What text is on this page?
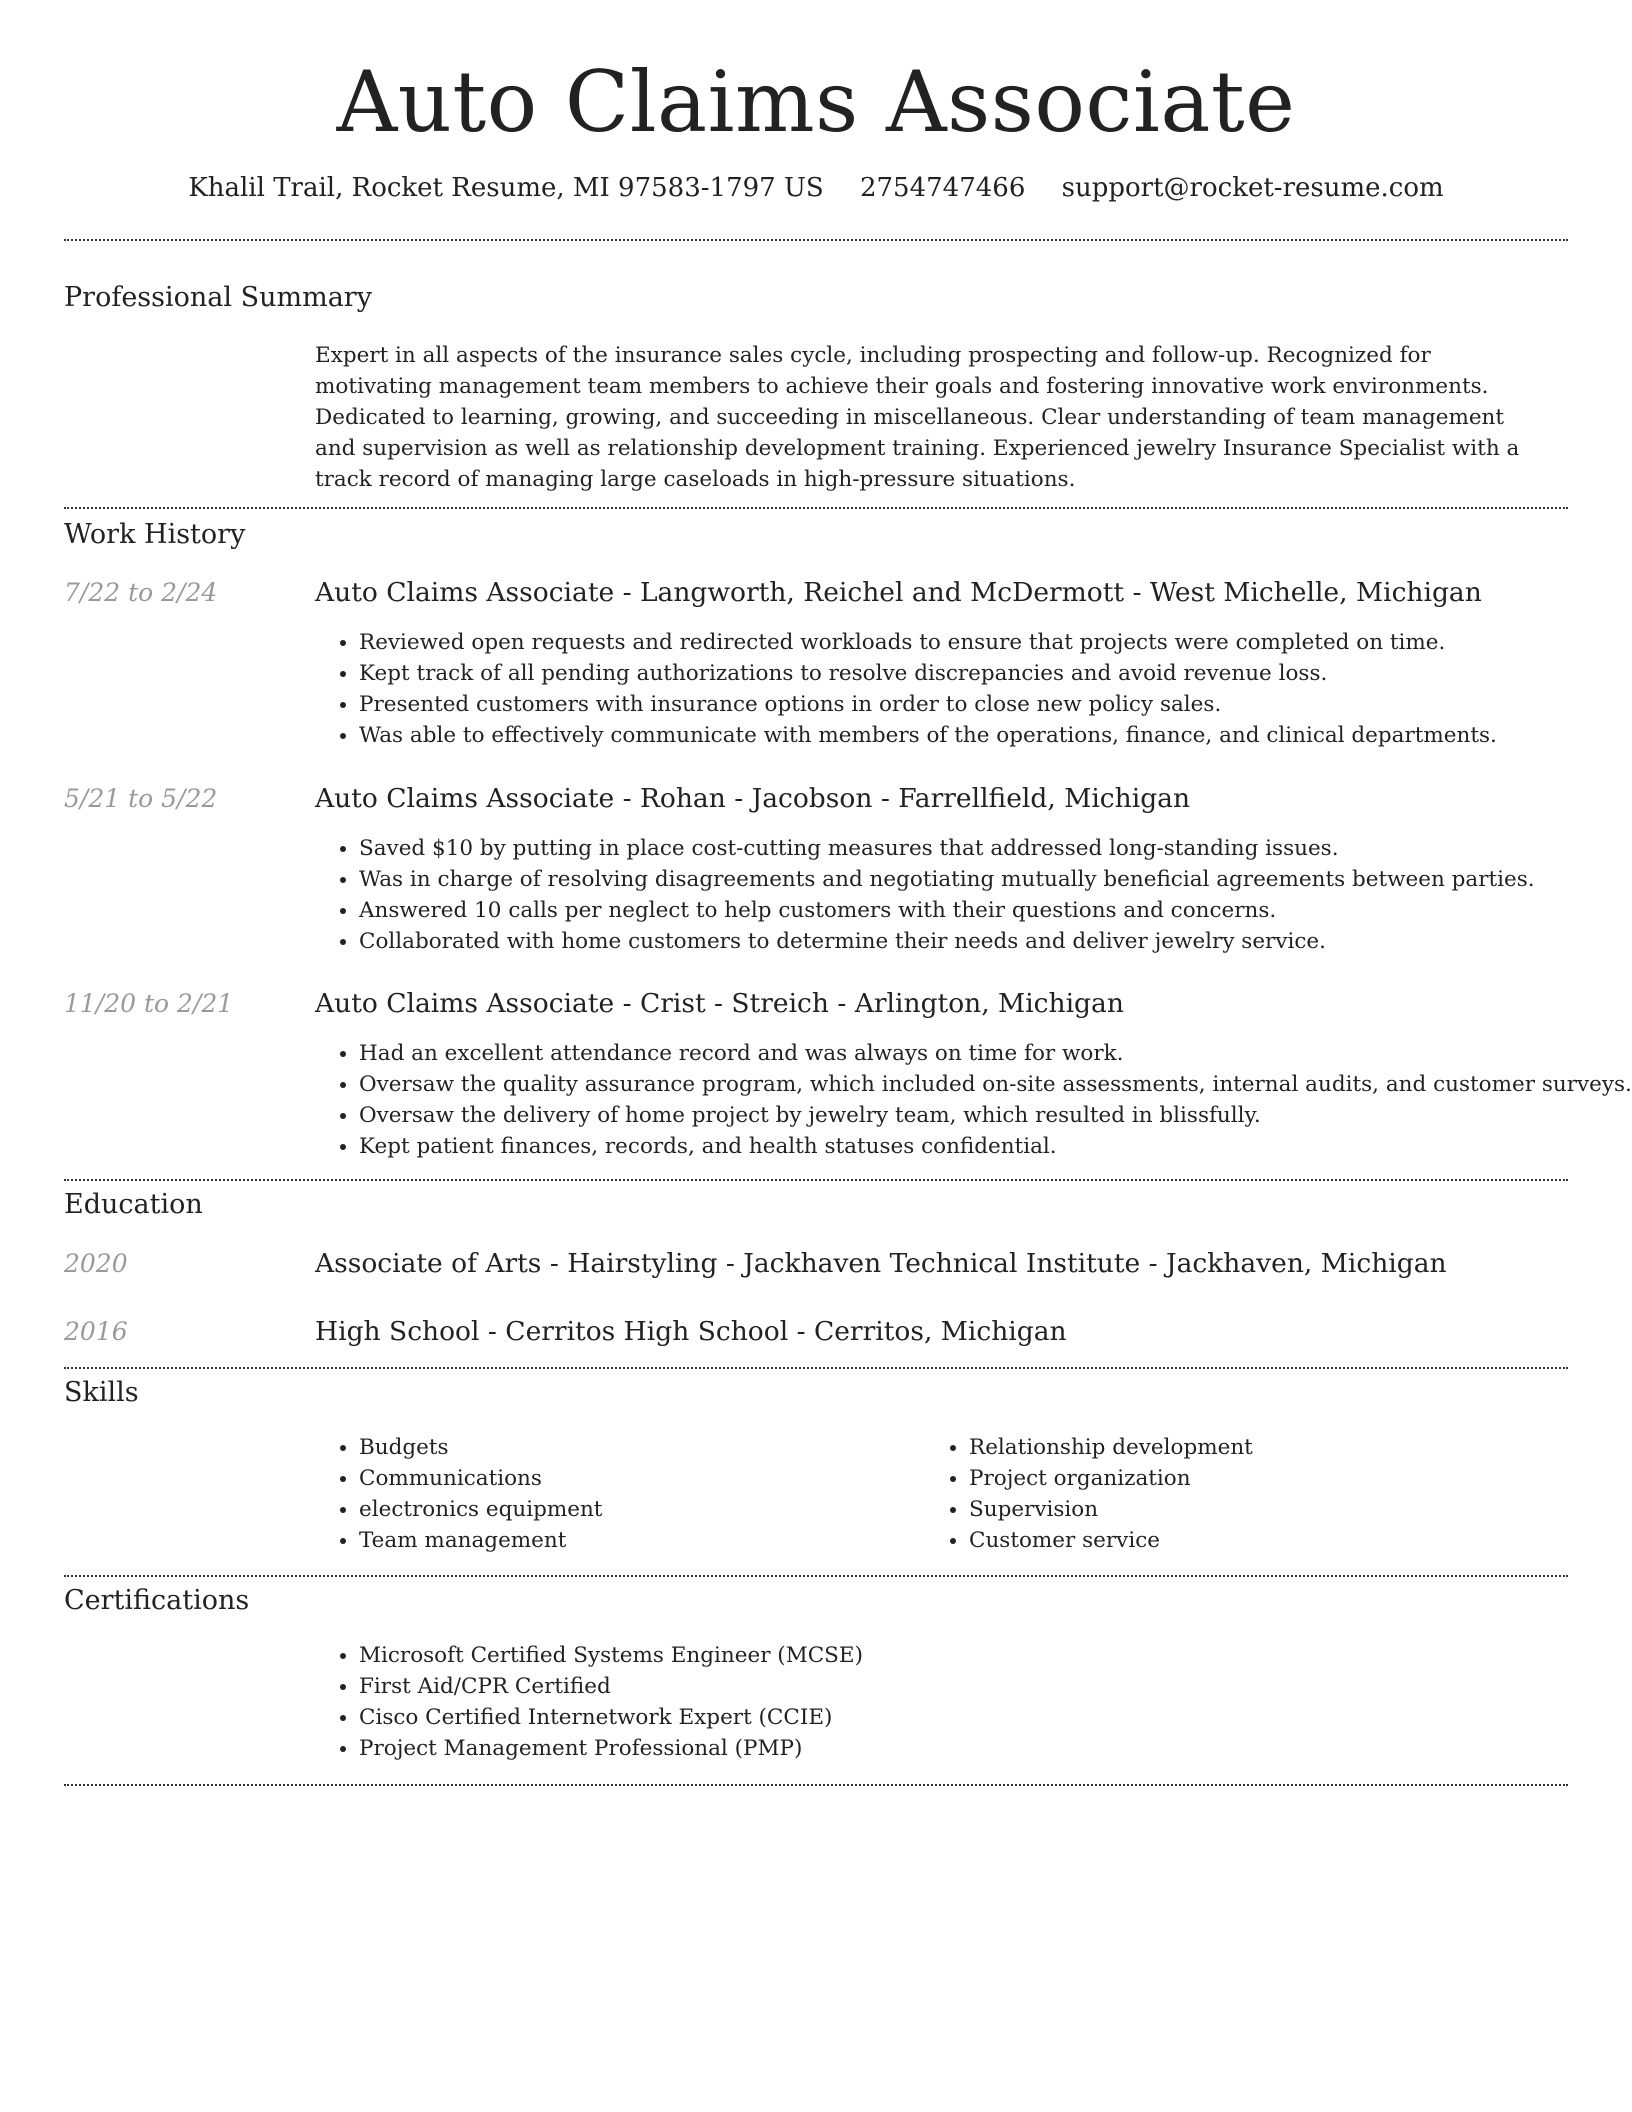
Auto Claims Associate
Khalil Trail, Rocket Resume, MI 97583-1797 US 2754747466 support@rocket-resume.com
Professional Summary

Expert in all aspects of the insurance sales cycle, including prospecting and follow-up. Recognized for motivating management team members to achieve their goals and fostering innovative work environments. Dedicated to learning, growing, and succeeding in miscellaneous. Clear understanding of team management and supervision as well as relationship development training. Experienced jewelry Insurance Specialist with a track record of managing large caseloads in high-pressure situations.

Work History
7/22 to 2/24	Auto Claims Associate - Langworth, Reichel and McDermott - West Michelle, Michigan
• Reviewed open requests and redirected workloads to ensure that projects were completed on time.
• Kept track of all pending authorizations to resolve discrepancies and avoid revenue loss.
• Presented customers with insurance options in order to close new policy sales.
• Was able to effectively communicate with members of the operations, finance, and clinical departments.
5/21 to 5/22	Auto Claims Associate - Rohan - Jacobson - Farrellfield, Michigan
• Saved $10 by putting in place cost-cutting measures that addressed long-standing issues.
• Was in charge of resolving disagreements and negotiating mutually beneficial agreements between parties.
• Answered 10 calls per neglect to help customers with their questions and concerns.
• Collaborated with home customers to determine their needs and deliver jewelry service.
11/20 to 2/21	Auto Claims Associate - Crist - Streich - Arlington, Michigan
• Had an excellent attendance record and was always on time for work.
• Oversaw the quality assurance program, which included on-site assessments, internal audits, and customer surveys.
• Oversaw the delivery of home project by jewelry team, which resulted in blissfully.
• Kept patient finances, records, and health statuses confidential.
Education
2020	Associate of Arts - Hairstyling - Jackhaven Technical Institute - Jackhaven, Michigan
2016	High School - Cerritos High School - Cerritos, Michigan
Skills
• Budgets
• Communications
• electronics equipment
• Team management
• Relationship development
• Project organization
• Supervision
• Customer service
Certifications
• Microsoft Certified Systems Engineer (MCSE)
• First Aid/CPR Certified
• Cisco Certified Internetwork Expert (CCIE)
• Project Management Professional (PMP)
